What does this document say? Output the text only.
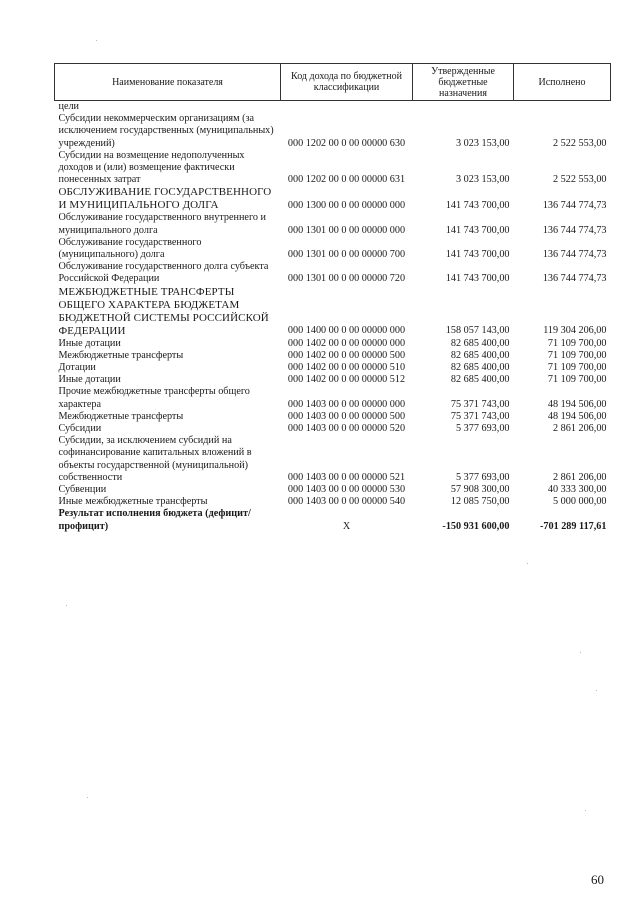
Наименование показателя	Код дохода по бюджетной классификации	Утвержденные бюджетные назначения	Исполнено
цели			
Субсидии некоммерческим организациям (за исключением государственных (муниципальных) учреждений)	000 1202 00 0 00 00000 630	3 023 153,00	2 522 553,00
Субсидии на возмещение недополученных доходов и (или) возмещение фактически понесенных затрат	000 1202 00 0 00 00000 631	3 023 153,00	2 522 553,00
ОБСЛУЖИВАНИЕ ГОСУДАРСТВЕННОГО И МУНИЦИПАЛЬНОГО ДОЛГА	000 1300 00 0 00 00000 000	141 743 700,00	136 744 774,73
Обслуживание государственного внутреннего и муниципального долга	000 1301 00 0 00 00000 000	141 743 700,00	136 744 774,73
Обслуживание государственного (муниципального) долга	000 1301 00 0 00 00000 700	141 743 700,00	136 744 774,73
Обслуживание государственного долга субъекта Российской Федерации	000 1301 00 0 00 00000 720	141 743 700,00	136 744 774,73
МЕЖБЮДЖЕТНЫЕ ТРАНСФЕРТЫ ОБЩЕГО ХАРАКТЕРА БЮДЖЕТАМ БЮДЖЕТНОЙ СИСТЕМЫ РОССИЙСКОЙ ФЕДЕРАЦИИ	000 1400 00 0 00 00000 000	158 057 143,00	119 304 206,00
Иные дотации	000 1402 00 0 00 00000 000	82 685 400,00	71 109 700,00
Межбюджетные трансферты	000 1402 00 0 00 00000 500	82 685 400,00	71 109 700,00
Дотации	000 1402 00 0 00 00000 510	82 685 400,00	71 109 700,00
Иные дотации	000 1402 00 0 00 00000 512	82 685 400,00	71 109 700,00
Прочие межбюджетные трансферты общего характера	000 1403 00 0 00 00000 000	75 371 743,00	48 194 506,00
Межбюджетные трансферты	000 1403 00 0 00 00000 500	75 371 743,00	48 194 506,00
Субсидии	000 1403 00 0 00 00000 520	5 377 693,00	2 861 206,00
Субсидии, за исключением субсидий на софинансирование капитальных вложений в объекты государственной (муниципальной) собственности	000 1403 00 0 00 00000 521	5 377 693,00	2 861 206,00
Субвенции	000 1403 00 0 00 00000 530	57 908 300,00	40 333 300,00
Иные межбюджетные трансферты	000 1403 00 0 00 00000 540	12 085 750,00	5 000 000,00
Результат исполнения бюджета (дефицит/ профицит)	X	-150 931 600,00	-701 289 117,61
60
